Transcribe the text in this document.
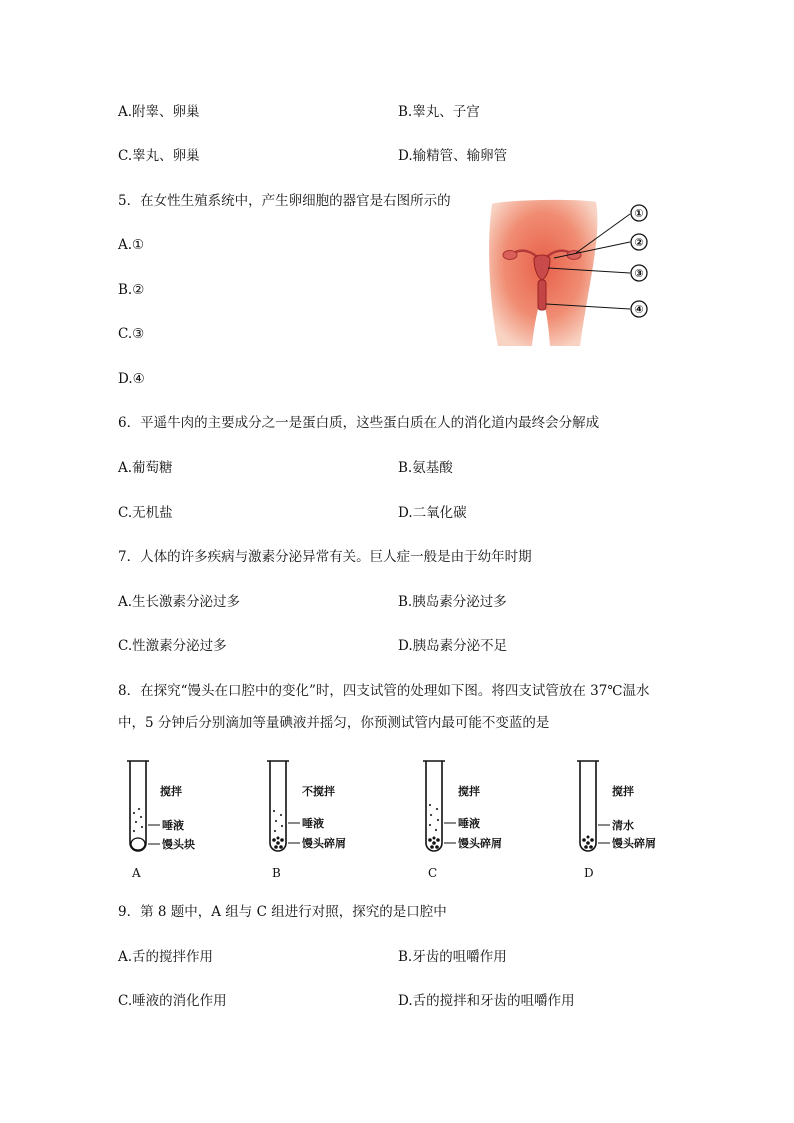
A.附睾、卵巢	B.睾丸、子宫
C.睾丸、卵巢	D.输精管、输卵管
5．在女性生殖系统中，产生卵细胞的器官是右图所示的
A.①
B.②
C.③
D.④
①
②
③
④
6．平遥牛肉的主要成分之一是蛋白质，这些蛋白质在人的消化道内最终会分解成
A.葡萄糖	B.氨基酸
C.无机盐	D.二氧化碳
7．人体的许多疾病与激素分泌异常有关。巨人症一般是由于幼年时期
A.生长激素分泌过多	B.胰岛素分泌过多
C.性激素分泌过多	D.胰岛素分泌不足
8．在探究“馒头在口腔中的变化”时，四支试管的处理如下图。将四支试管放在 37℃温水
中，5 分钟后分别滴加等量碘液并摇匀，你预测试管内最可能不变蓝的是
搅拌
唾液
馒头块
A
不搅拌
唾液
馒头碎屑
B
搅拌
唾液
馒头碎屑
C
搅拌
清水
馒头碎屑
D
9．第 8 题中，A 组与 C 组进行对照，探究的是口腔中
A.舌的搅拌作用	B.牙齿的咀嚼作用
C.唾液的消化作用	D.舌的搅拌和牙齿的咀嚼作用
